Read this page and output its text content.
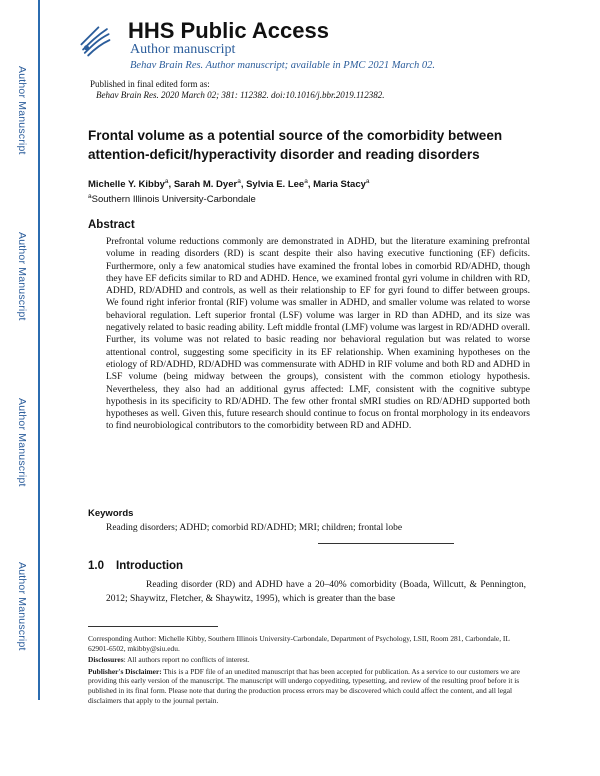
Author Manuscript
Author Manuscript
Author Manuscript
Author Manuscript
HHS Public Access
Author manuscript
Behav Brain Res. Author manuscript; available in PMC 2021 March 02.
Published in final edited form as:
Behav Brain Res. 2020 March 02; 381: 112382. doi:10.1016/j.bbr.2019.112382.
Frontal volume as a potential source of the comorbidity between attention-deficit/hyperactivity disorder and reading disorders
Michelle Y. Kibby$^a$, Sarah M. Dyer$^a$, Sylvia E. Lee$^a$, Maria Stacy$^a$
$^a$Southern Illinois University-Carbondale
Abstract
Prefrontal volume reductions commonly are demonstrated in ADHD, but the literature examining prefrontal volume in reading disorders (RD) is scant despite their also having executive functioning (EF) deficits. Furthermore, only a few anatomical studies have examined the frontal lobes in comorbid RD/ADHD, though they have EF deficits similar to RD and ADHD. Hence, we examined frontal gyri volume in children with RD, ADHD, RD/ADHD and controls, as well as their relationship to EF for gyri found to differ between groups. We found right inferior frontal (RIF) volume was smaller in ADHD, and smaller volume was related to worse behavioral regulation. Left superior frontal (LSF) volume was larger in RD than ADHD, and its size was negatively related to basic reading ability. Left middle frontal (LMF) volume was largest in RD/ADHD overall. Further, its volume was not related to basic reading nor behavioral regulation but was related to worse attentional control, suggesting some specificity in its EF relationship. When examining hypotheses on the etiology of RD/ADHD, RD/ADHD was commensurate with ADHD in RIF volume and both RD and ADHD in LSF volume (being midway between the groups), consistent with the common etiology hypothesis. Nevertheless, they also had an additional gyrus affected: LMF, consistent with the cognitive subtype hypothesis in its specificity to RD/ADHD. The few other frontal sMRI studies on RD/ADHD supported both hypotheses as well. Given this, future research should continue to focus on frontal morphology in its endeavors to find neurobiological contributors to the comorbidity between RD and ADHD.
Keywords
Reading disorders; ADHD; comorbid RD/ADHD; MRI; children; frontal lobe
1.0 Introduction
Reading disorder (RD) and ADHD have a 20–40% comorbidity (Boada, Willcutt, & Pennington, 2012; Shaywitz, Fletcher, & Shaywitz, 1995), which is greater than the base

Corresponding Author: Michelle Kibby, Southern Illinois University-Carbondale, Department of Psychology, LSII, Room 281, Carbondale, IL 62901-6502, mkibby@siu.edu.

Disclosures: All authors report no conflicts of interest.

Publisher's Disclaimer: This is a PDF file of an unedited manuscript that has been accepted for publication. As a service to our customers we are providing this early version of the manuscript. The manuscript will undergo copyediting, typesetting, and review of the resulting proof before it is published in its final form. Please note that during the production process errors may be discovered which could affect the content, and all legal disclaimers that apply to the journal pertain.
